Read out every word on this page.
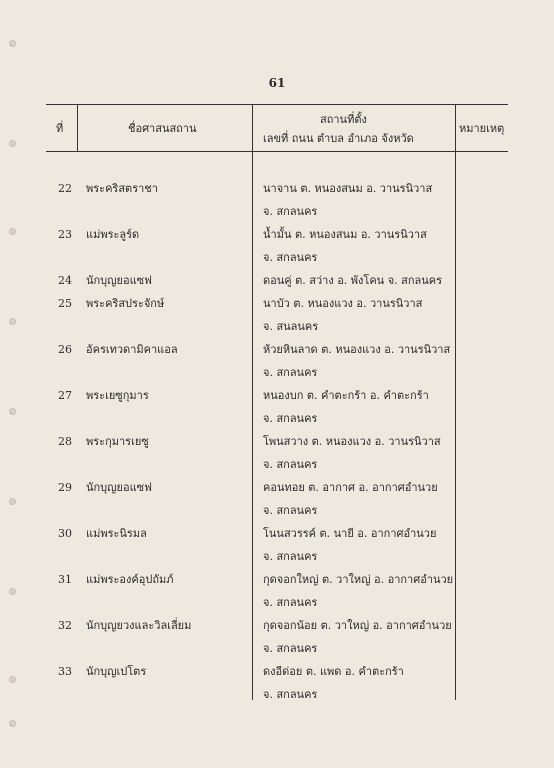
61
ที่	ชื่อศาสนสถาน
สถานที่ตั้ง
เลขที่ ถนน ตำบล อำเภอ จังหวัด
หมายเหตุ
22 พระคริสตราชา	นาจาน ต. หนองสนม อ. วานรนิวาส
จ. สกลนคร
23 แม่พระลูร์ด	น้ำมั้น ต. หนองสนม อ. วานรนิวาส
จ. สกลนคร
24 นักบุญยอแซฟ	ดอนคู่ ต. สว่าง อ. พังโคน จ. สกลนคร
25 พระคริสประจักษ์	นาบัว ต. หนองแวง อ. วานรนิวาส
จ. สนลนคร
26 อัครเทวดามิคาแอล	ห้วยหินลาด ต. หนองแวง อ. วานรนิวาส
จ. สกลนคร
27 พระเยซูกุมาร	หนองบก ต. คำตะกร้า อ. คำตะกร้า
จ. สกลนคร
28 พระกุมารเยซู	โพนสวาง ต. หนองแวง อ. วานรนิวาส
จ. สกลนคร
29 นักบุญยอแซฟ	คอนทอย ต. อากาศ อ. อากาศอำนวย
จ. สกลนคร
30 แม่พระนิรมล	โนนสวรรค์ ต. นายี อ. อากาศอำนวย
จ. สกลนคร
31 แม่พระองค์อุปถัมภ์	กุดจอกใหญ่ ต. วาใหญ่ อ. อากาศอำนวย
จ. สกลนคร
32 นักบุญยวงและวิลเลี่ยม	กุดจอกน้อย ต. วาใหญ่ อ. อากาศอำนวย
จ. สกลนคร
33 นักบุญเปโตร	ดงอีด่อย ต. แพด อ. คำตะกร้า
จ. สกลนคร
